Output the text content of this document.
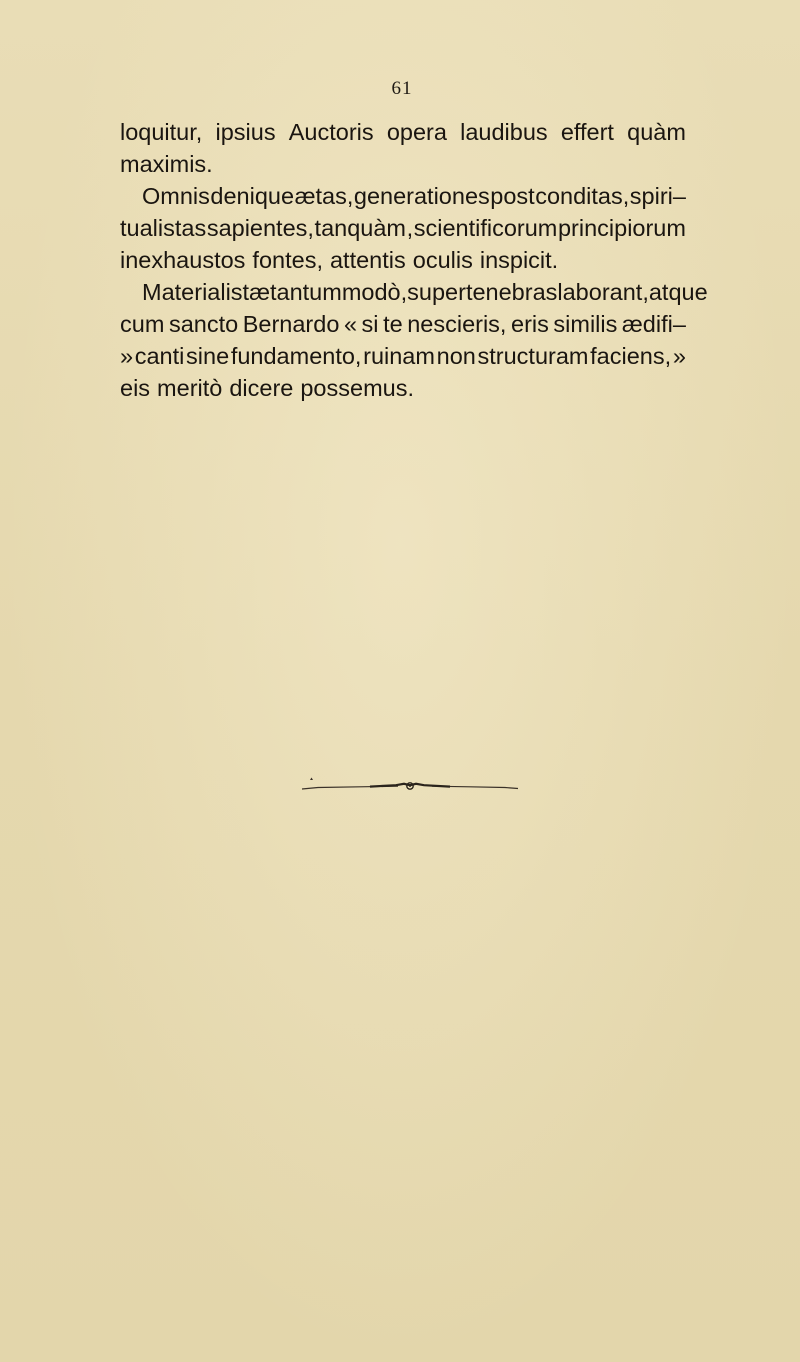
61
loquitur, ipsius Auctoris opera laudibus effert quàm
maximis.
Omnis denique ætas, generationes post conditas, spiri–
tualistas sapientes, tanquàm , scientificorum principiorum
inexhaustos fontes, attentis oculis inspicit.
Materialistæ tantummodò, super tenebras laborant,atque
cum sancto Bernardo « si te nescieris, eris similis ædifi–
» canti sine fundamento, ruinam non structuram faciens, »
eis meritò dicere possemus.
